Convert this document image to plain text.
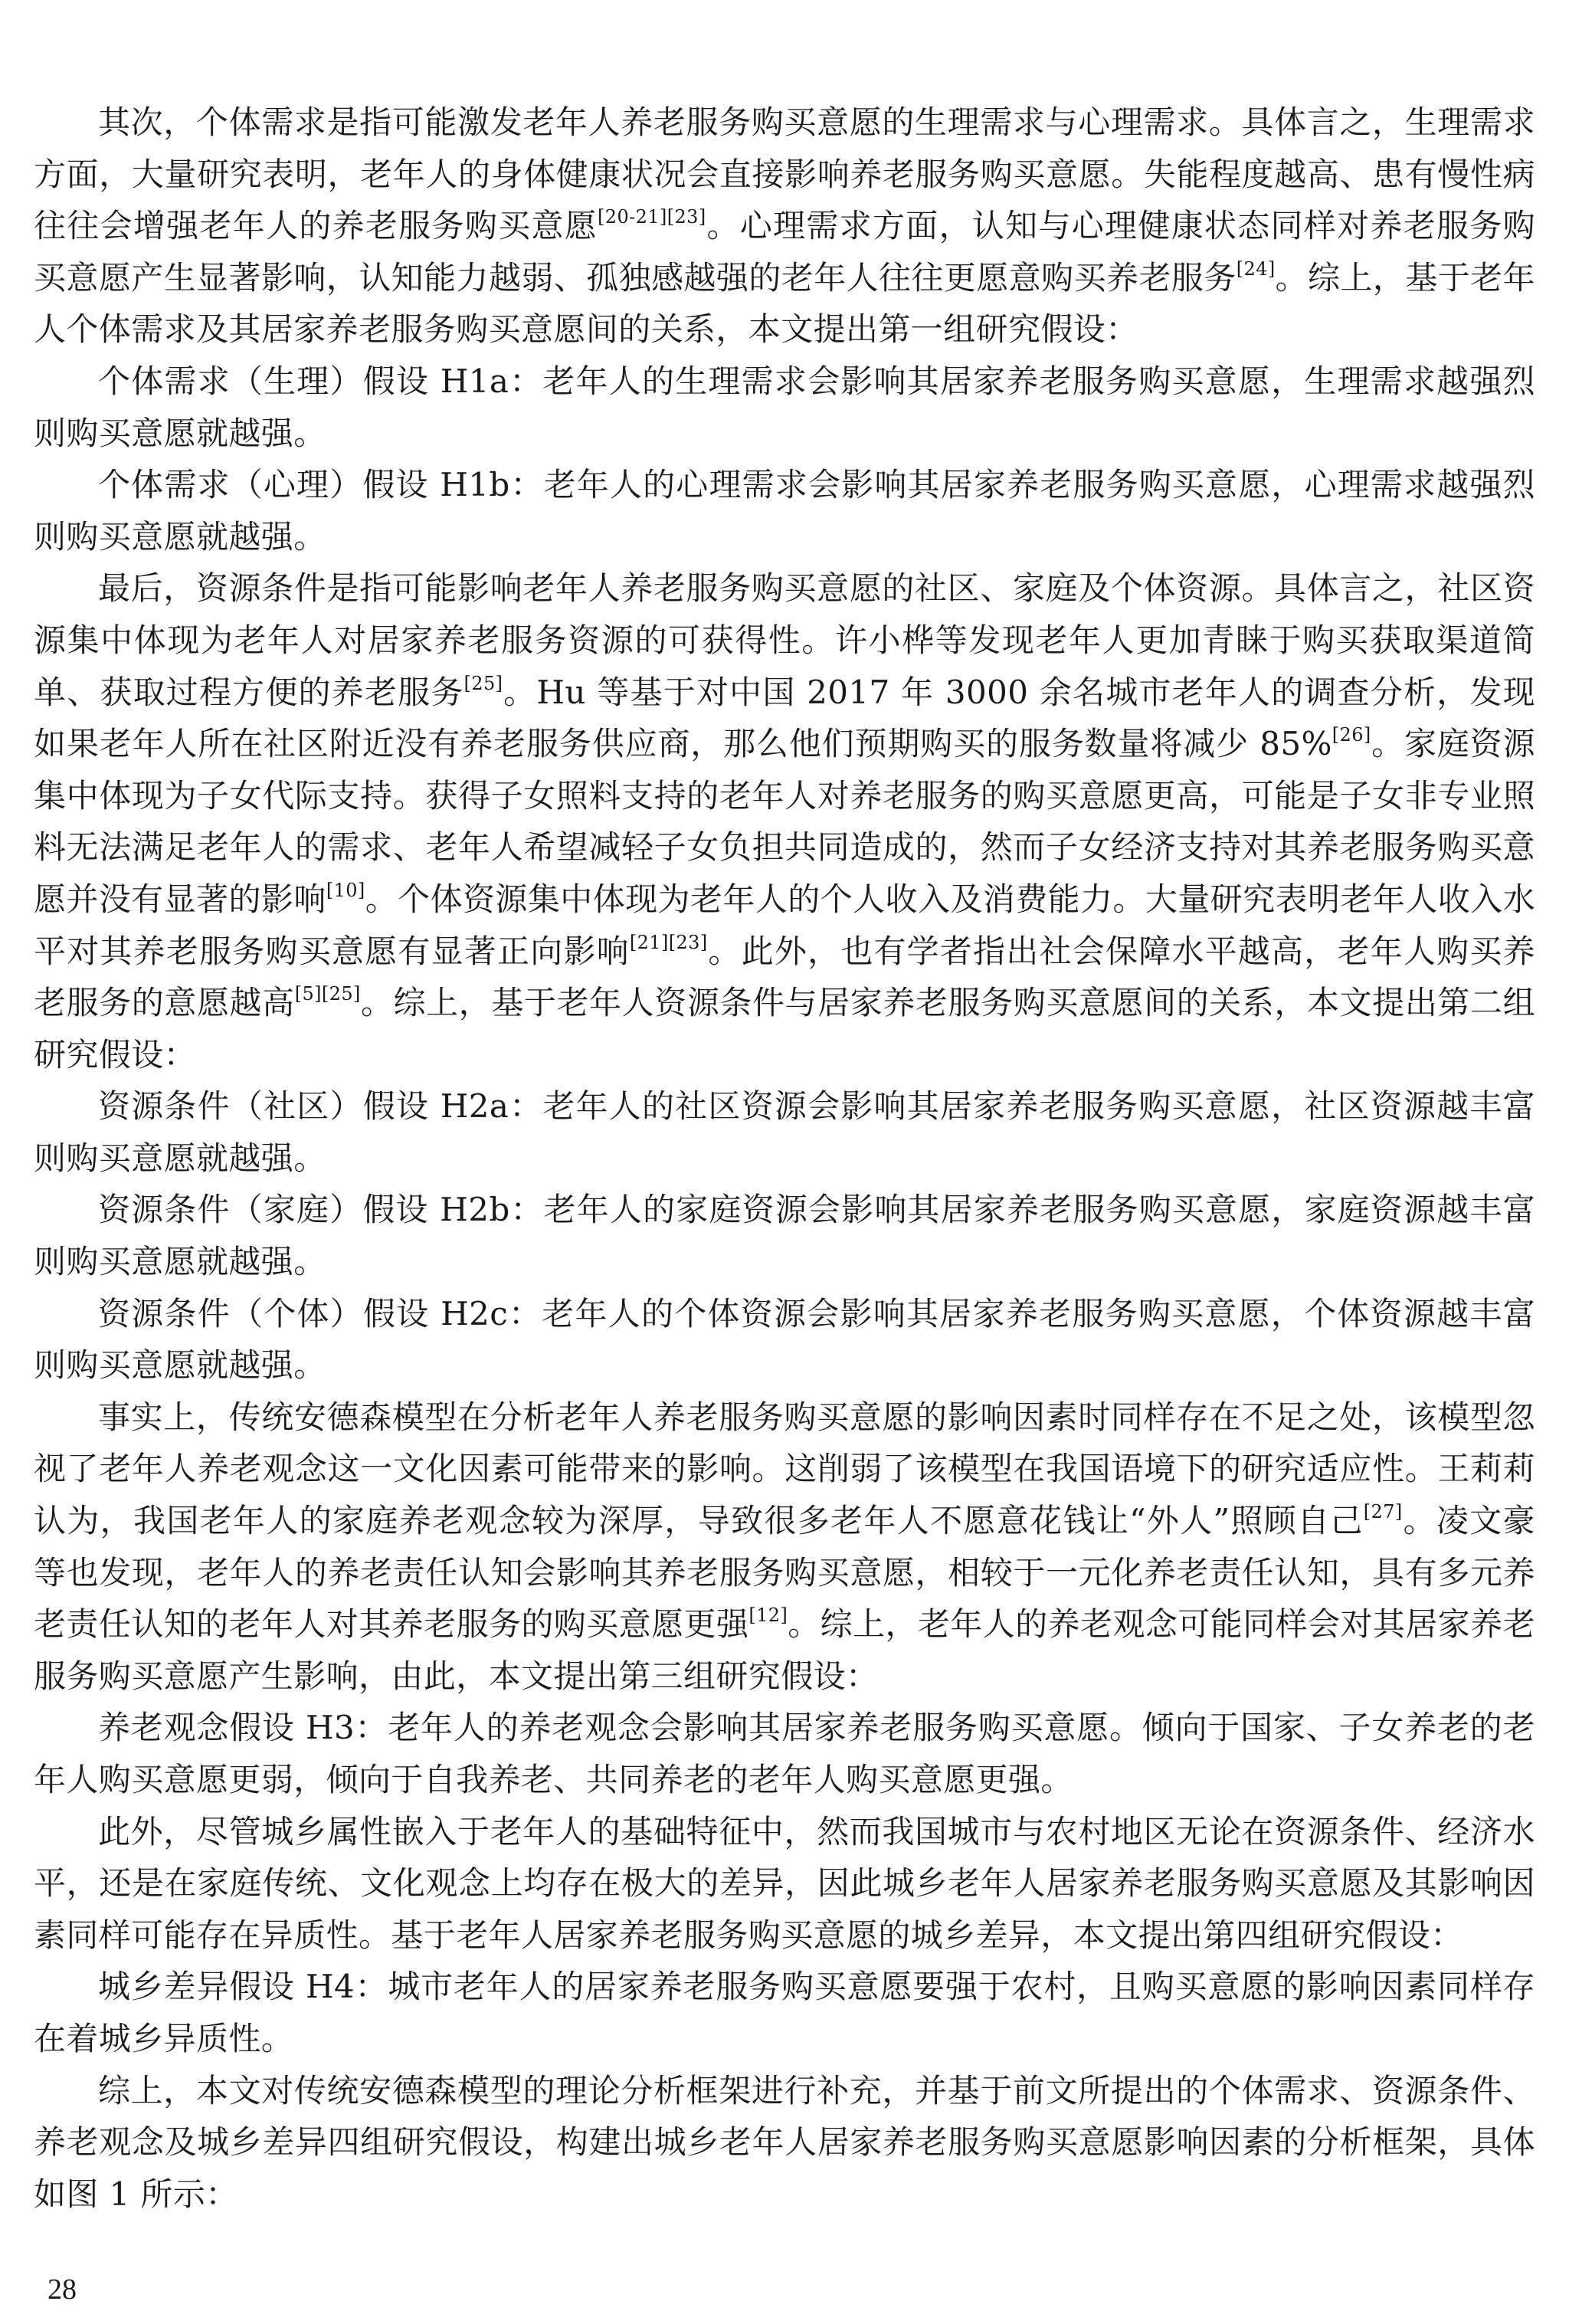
其次，个体需求是指可能激发老年人养老服务购买意愿的生理需求与心理需求。具体言之，生理需求方面，大量研究表明，老年人的身体健康状况会直接影响养老服务购买意愿。失能程度越高、患有慢性病往往会增强老年人的养老服务购买意愿[20-21][23]。心理需求方面，认知与心理健康状态同样对养老服务购买意愿产生显著影响，认知能力越弱、孤独感越强的老年人往往更愿意购买养老服务[24]。综上，基于老年人个体需求及其居家养老服务购买意愿间的关系，本文提出第一组研究假设：

个体需求（生理）假设 H1a：老年人的生理需求会影响其居家养老服务购买意愿，生理需求越强烈则购买意愿就越强。

个体需求（心理）假设 H1b：老年人的心理需求会影响其居家养老服务购买意愿，心理需求越强烈则购买意愿就越强。

最后，资源条件是指可能影响老年人养老服务购买意愿的社区、家庭及个体资源。具体言之，社区资源集中体现为老年人对居家养老服务资源的可获得性。许小桦等发现老年人更加青睐于购买获取渠道简单、获取过程方便的养老服务[25]。Hu 等基于对中国 2017 年 3000 余名城市老年人的调查分析，发现如果老年人所在社区附近没有养老服务供应商，那么他们预期购买的服务数量将减少 85%[26]。家庭资源集中体现为子女代际支持。获得子女照料支持的老年人对养老服务的购买意愿更高，可能是子女非专业照料无法满足老年人的需求、老年人希望减轻子女负担共同造成的，然而子女经济支持对其养老服务购买意愿并没有显著的影响[10]。个体资源集中体现为老年人的个人收入及消费能力。大量研究表明老年人收入水平对其养老服务购买意愿有显著正向影响[21][23]。此外，也有学者指出社会保障水平越高，老年人购买养老服务的意愿越高[5][25]。综上，基于老年人资源条件与居家养老服务购买意愿间的关系，本文提出第二组研究假设：

资源条件（社区）假设 H2a：老年人的社区资源会影响其居家养老服务购买意愿，社区资源越丰富则购买意愿就越强。

资源条件（家庭）假设 H2b：老年人的家庭资源会影响其居家养老服务购买意愿，家庭资源越丰富则购买意愿就越强。

资源条件（个体）假设 H2c：老年人的个体资源会影响其居家养老服务购买意愿，个体资源越丰富则购买意愿就越强。

事实上，传统安德森模型在分析老年人养老服务购买意愿的影响因素时同样存在不足之处，该模型忽视了老年人养老观念这一文化因素可能带来的影响。这削弱了该模型在我国语境下的研究适应性。王莉莉认为，我国老年人的家庭养老观念较为深厚，导致很多老年人不愿意花钱让“外人”照顾自己[27]。凌文豪等也发现，老年人的养老责任认知会影响其养老服务购买意愿，相较于一元化养老责任认知，具有多元养老责任认知的老年人对其养老服务的购买意愿更强[12]。综上，老年人的养老观念可能同样会对其居家养老服务购买意愿产生影响，由此，本文提出第三组研究假设：

养老观念假设 H3：老年人的养老观念会影响其居家养老服务购买意愿。倾向于国家、子女养老的老年人购买意愿更弱，倾向于自我养老、共同养老的老年人购买意愿更强。

此外，尽管城乡属性嵌入于老年人的基础特征中，然而我国城市与农村地区无论在资源条件、经济水平，还是在家庭传统、文化观念上均存在极大的差异，因此城乡老年人居家养老服务购买意愿及其影响因素同样可能存在异质性。基于老年人居家养老服务购买意愿的城乡差异，本文提出第四组研究假设：

城乡差异假设 H4：城市老年人的居家养老服务购买意愿要强于农村，且购买意愿的影响因素同样存在着城乡异质性。

综上，本文对传统安德森模型的理论分析框架进行补充，并基于前文所提出的个体需求、资源条件、养老观念及城乡差异四组研究假设，构建出城乡老年人居家养老服务购买意愿影响因素的分析框架，具体如图 1 所示：

28
